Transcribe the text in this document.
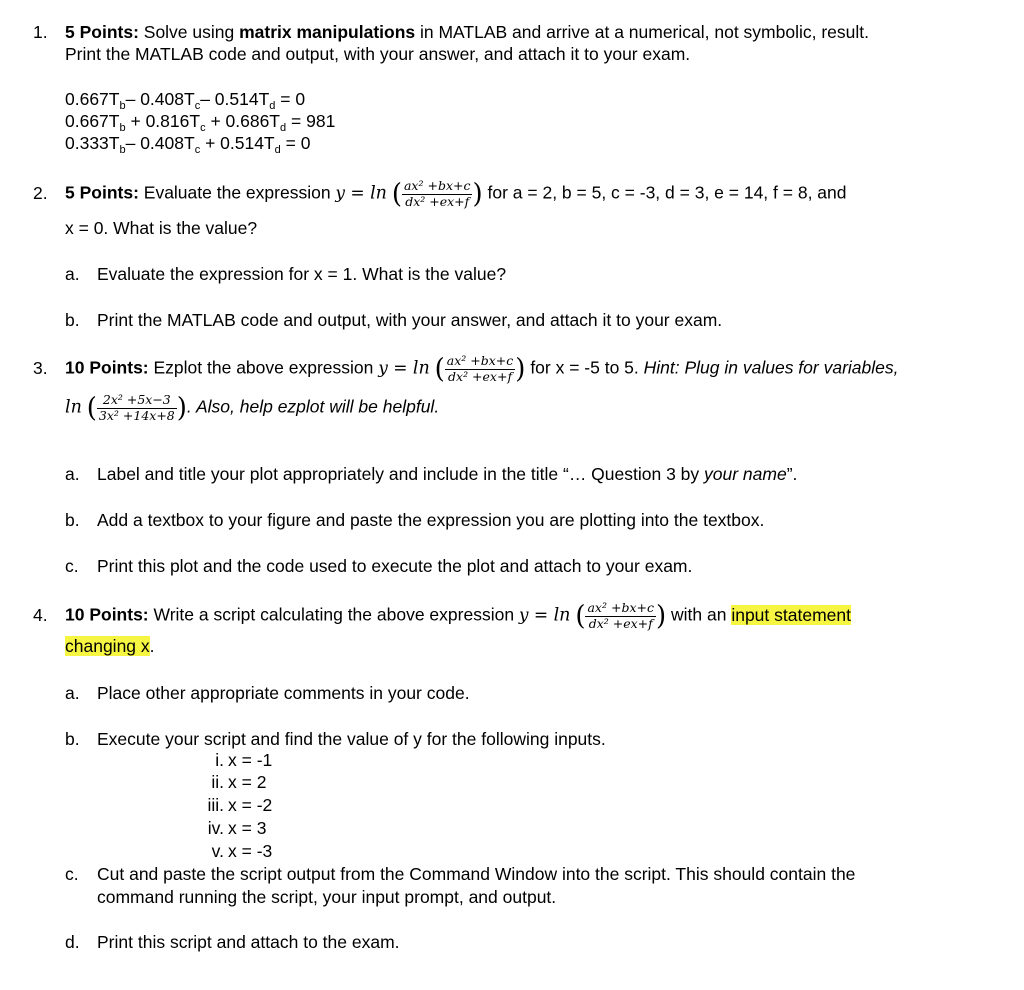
1. 5 Points: Solve using matrix manipulations in MATLAB and arrive at a numerical, not symbolic, result.
Print the MATLAB code and output, with your answer, and attach it to your exam.
$0.667T_b-$ $0.408T_c-$ $0.514T_d = 0$
$0.667T_b + 0.816T_c + 0.686T_d = 981$
$0.333T_b-$ $0.408T_c + 0.514T_d = 0$
2. 5 Points: Evaluate the expression y = ln ( $\frac{\text{ax² +bx+c}}{\text{dx² +ex+f}}$ ) for a = 2, b = 5, c = -3, d = 3, e = 14, f = 8, and
x = 0. What is the value?
a. Evaluate the expression for x = 1. What is the value?
b. Print the MATLAB code and output, with your answer, and attach it to your exam.
3. 10 Points: Ezplot the above expression y = ln ( $\frac{\text{ax² +bx+c}}{\text{dx² +ex+f}}$ ) for x = -5 to 5. Hint: Plug in values for variables,
ln ( $\frac{\text{2x² +5x−3}}{\text{3x² +14x+8}}$ ). Also, help ezplot will be helpful.
a. Label and title your plot appropriately and include in the title “… Question 3 by your name”.
b. Add a textbox to your figure and paste the expression you are plotting into the textbox.
c. Print this plot and the code used to execute the plot and attach to your exam.
4. 10 Points: Write a script calculating the above expression y = ln ( $\frac{\text{ax² +bx+c}}{\text{dx² +ex+f}}$ ) with an input statement
changing x.
a. Place other appropriate comments in your code.
b. Execute your script and find the value of y for the following inputs.
i. x = -1
ii. x = 2
iii. x = -2
iv. x = 3
v. x = -3
c. Cut and paste the script output from the Command Window into the script. This should contain the
command running the script, your input prompt, and output.
d. Print this script and attach to the exam.
